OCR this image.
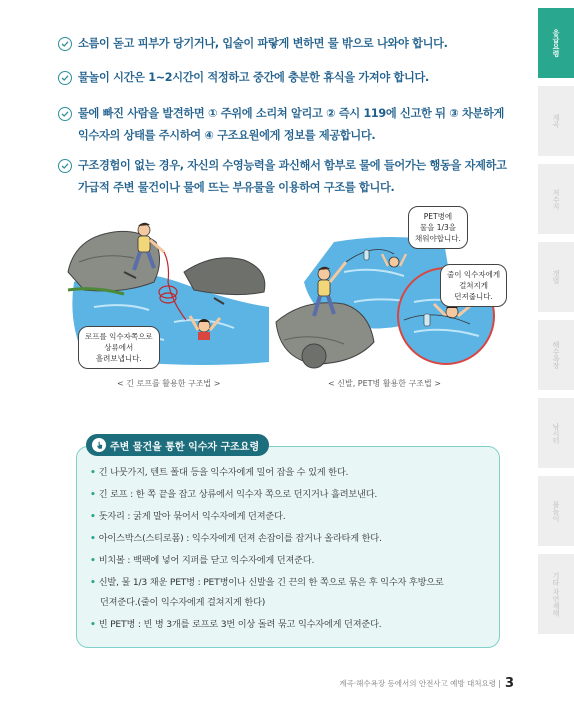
응급요령
계곡
저수지
갯벌
해수욕장
낚시터
물놀이
기타 자연재해
소름이 돋고 피부가 당기거나, 입술이 파랗게 변하면 물 밖으로 나와야 합니다.
물놀이 시간은 1~2시간이 적정하고 중간에 충분한 휴식을 가져야 합니다.
물에 빠진 사람을 발견하면 ① 주위에 소리쳐 알리고 ② 즉시 119에 신고한 뒤 ③ 차분하게
익수자의 상태를 주시하여 ④ 구조요원에게 정보를 제공합니다.
구조경험이 없는 경우, 자신의 수영능력을 과신해서 함부로 물에 들어가는 행동을 자제하고
가급적 주변 물건이나 물에 뜨는 부유물을 이용하여 구조를 합니다.
로프를 익수자쪽으로
상류에서
흘려보냅니다.
< 긴 로프를 활용한 구조법 >
PET병에
물을 1/3을
채워야합니다.
줄이 익수자에게
걸쳐지게
던져줍니다.
< 신발, PET병 활용한 구조법 >
주변 물건을 통한 익수자 구조요령
• 긴 나뭇가지, 텐트 폴대 등을 익수자에게 밀어 잡을 수 있게 한다.
• 긴 로프 : 한 쪽 끝을 잡고 상류에서 익수자 쪽으로 던지거나 흘려보낸다.
• 돗자리 : 굵게 말아 묶어서 익수자에게 던져준다.
• 아이스박스(스티로폼) : 익수자에게 던져 손잡이를 잡거나 올라타게 한다.
• 비치볼 : 백팩에 넣어 지퍼를 닫고 익수자에게 던져준다.
• 신발, 물 1/3 채운 PET병 : PET병이나 신발을 긴 끈의 한 쪽으로 묶은 후 익수자 후방으로
던져준다.(줄이 익수자에게 걸쳐지게 한다)
• 빈 PET병 : 빈 병 3개를 로프로 3번 이상 돌려 묶고 익수자에게 던져준다.
계곡·해수욕장 등에서의 안전사고 예방 대처요령 | 3
